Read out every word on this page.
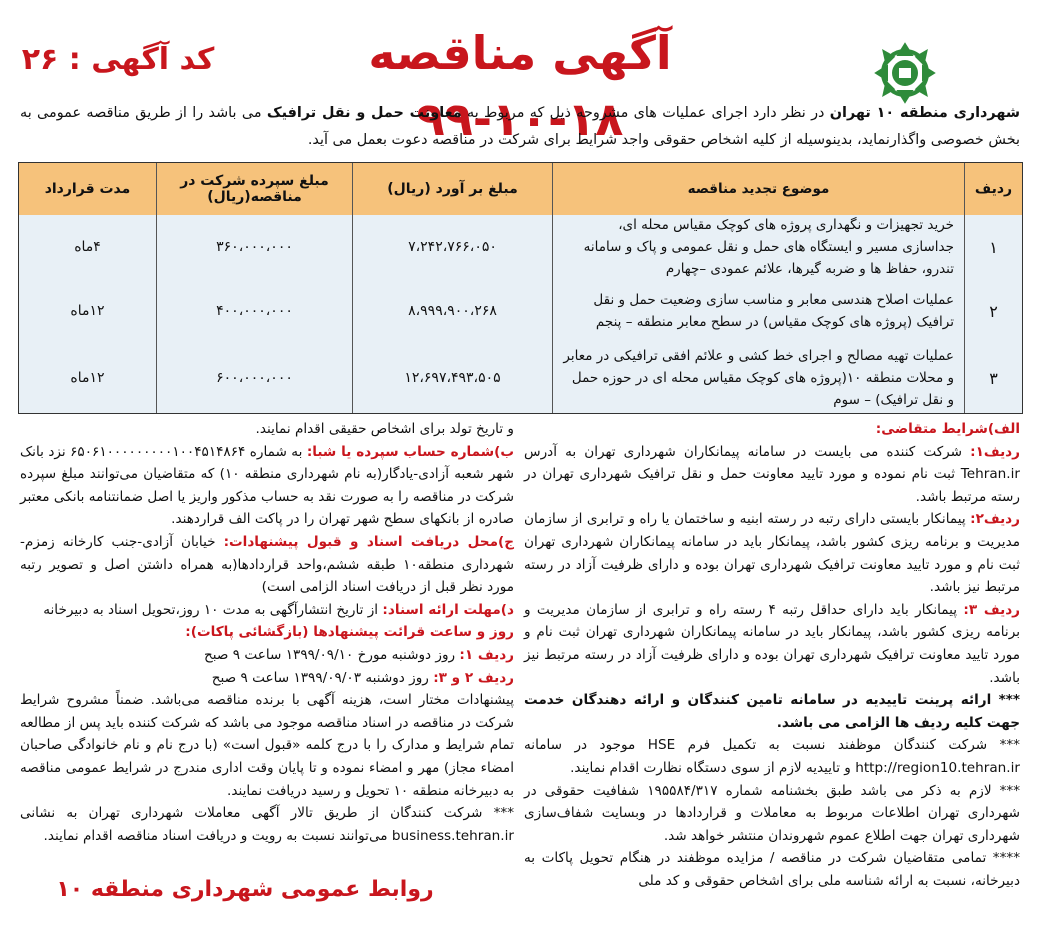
آگهی مناقصه ۱۸-۱۰-۹۹
کد آگهی : ۲۶
شهرداری منطقه ۱۰ تهران در نظر دارد اجرای عملیات های مشروحه ذیل که مربوط به معاونت حمل و نقل ترافیک می باشد را از طریق مناقصه عمومی به بخش خصوصی واگذارنماید، بدینوسیله از کلیه اشخاص حقوقی واجد شرایط برای شرکت در مناقصه دعوت بعمل می آید.
ردیف
موضوع تجدید مناقصه
مبلغ بر آورد (ریال)
مبلغ سپرده شرکت در مناقصه(ریال)
مدت قرارداد
۱
خرید تجهیزات و نگهداری پروژه های کوچک مقیاس محله ای، جداسازی مسیر و ایستگاه های حمل و نقل عمومی و پاک و سامانه تندرو، حفاظ ها و ضربه گیرها، علائم عمودی –چهارم
۷،۲۴۲،۷۶۶،۰۵۰
۳۶۰،۰۰۰،۰۰۰
۴ماه
۲
عملیات اصلاح هندسی معابر و مناسب سازی وضعیت حمل و نقل ترافیک (پروژه های کوچک مقیاس) در سطح معابر منطقه – پنجم
۸،۹۹۹،۹۰۰،۲۶۸
۴۰۰،۰۰۰،۰۰۰
۱۲ماه
۳
عملیات تهیه مصالح و اجرای خط کشی و علائم افقی ترافیکی در معابر و محلات منطقه ۱۰(پروژه های کوچک مقیاس محله ای در حوزه حمل و نقل ترافیک) – سوم
۱۲،۶۹۷،۴۹۳،۵۰۵
۶۰۰،۰۰۰،۰۰۰
۱۲ماه

الف)شرایط متقاضی:

ردیف۱: شرکت کننده می بایست در سامانه پیمانکاران شهرداری تهران به آدرس Tehran.ir ثبت نام نموده و مورد تایید معاونت حمل و نقل ترافیک شهرداری تهران در رسته مرتبط باشد.

ردیف۲: پیمانکار بایستی دارای رتبه در رسته ابنیه و ساختمان یا راه و ترابری از سازمان مدیریت و برنامه ریزی کشور باشد، پیمانکار باید در سامانه پیمانکاران شهرداری تهران ثبت نام و مورد تایید معاونت ترافیک شهرداری تهران بوده و دارای ظرفیت آزاد در رسته مرتبط نیز باشد.

ردیف ۳: پیمانکار باید دارای حداقل رتبه ۴ رسته راه و ترابری از سازمان مدیریت و برنامه ریزی کشور باشد، پیمانکار باید در سامانه پیمانکاران شهرداری تهران ثبت نام و مورد تایید معاونت ترافیک شهرداری تهران بوده و دارای ظرفیت آزاد در رسته مرتبط نیز باشد.

*** ارائه پرینت تاییدیه در سامانه تامین کنندگان و ارائه دهندگان خدمت جهت کلیه ردیف ها الزامی می باشد.

*** شرکت کنندگان موظفند نسبت به تکمیل فرم HSE موجود در سامانه http://region10.tehran.ir و تاییدیه لازم از سوی دستگاه نظارت اقدام نمایند.

*** لازم به ذکر می باشد طبق بخشنامه شماره ۱۹۵۵۸۴/۳۱۷ شفافیت حقوقی در شهرداری تهران اطلاعات مربوط به معاملات و قراردادها در وبسایت شفاف‌سازی شهرداری تهران جهت اطلاع عموم شهروندان منتشر خواهد شد.

**** تمامی متقاضیان شرکت در مناقصه / مزایده موظفند در هنگام تحویل پاکات به دبیرخانه، نسبت به ارائه شناسه ملی برای اشخاص حقوقی و کد ملی

و تاریخ تولد برای اشخاص حقیقی اقدام نمایند.

ب)شماره حساب سپرده یا شبا: به شماره ۶۵۰۶۱۰۰۰۰۰۰۰۰۰۱۰۰۴۵۱۴۸۶۴ نزد بانک شهر شعبه آزادی-یادگار(به نام شهرداری منطقه ۱۰) که متقاضیان می‌توانند مبلغ سپرده شرکت در مناقصه را به صورت نقد به حساب مذکور واریز یا اصل ضمانتنامه بانکی معتبر صادره از بانکهای سطح شهر تهران را در پاکت الف قراردهند.

ج)محل دریافت اسناد و قبول پیشنهادات: خیابان آزادی-جنب کارخانه زمزم-شهرداری منطقه۱۰ طبقه ششم،واحد قراردادها(به همراه داشتن اصل و تصویر رتبه مورد نظر قبل از دریافت اسناد الزامی است)

د)مهلت ارائه اسناد: از تاریخ انتشارآگهی به مدت ۱۰ روز،تحویل اسناد به دبیرخانه

روز و ساعت قرائت پیشنهادها (بازگشائی پاکات):

ردیف ۱: روز دوشنبه مورخ ۱۳۹۹/۰۹/۱۰ ساعت ۹ صبح

ردیف ۲ و ۳: روز دوشنبه ۱۳۹۹/۰۹/۰۳ ساعت ۹ صبح

پیشنهادات مختار است، هزینه آگهی با برنده مناقصه می‌باشد. ضمناً مشروح شرایط شرکت در مناقصه در اسناد مناقصه موجود می باشد که شرکت کننده باید پس از مطالعه تمام شرایط و مدارک را با درج کلمه «قبول است» (با درج نام و نام خانوادگی صاحبان امضاء مجاز) مهر و امضاء نموده و تا پایان وقت اداری مندرج در شرایط عمومی مناقصه به دبیرخانه منطقه ۱۰ تحویل و رسید دریافت نمایند.

*** شرکت کنندگان از طریق تالار آگهی معاملات شهرداری تهران به نشانی business.tehran.ir می‌توانند نسبت به رویت و دریافت اسناد مناقصه اقدام نمایند.

روابط عمومی شهرداری منطقه ۱۰
